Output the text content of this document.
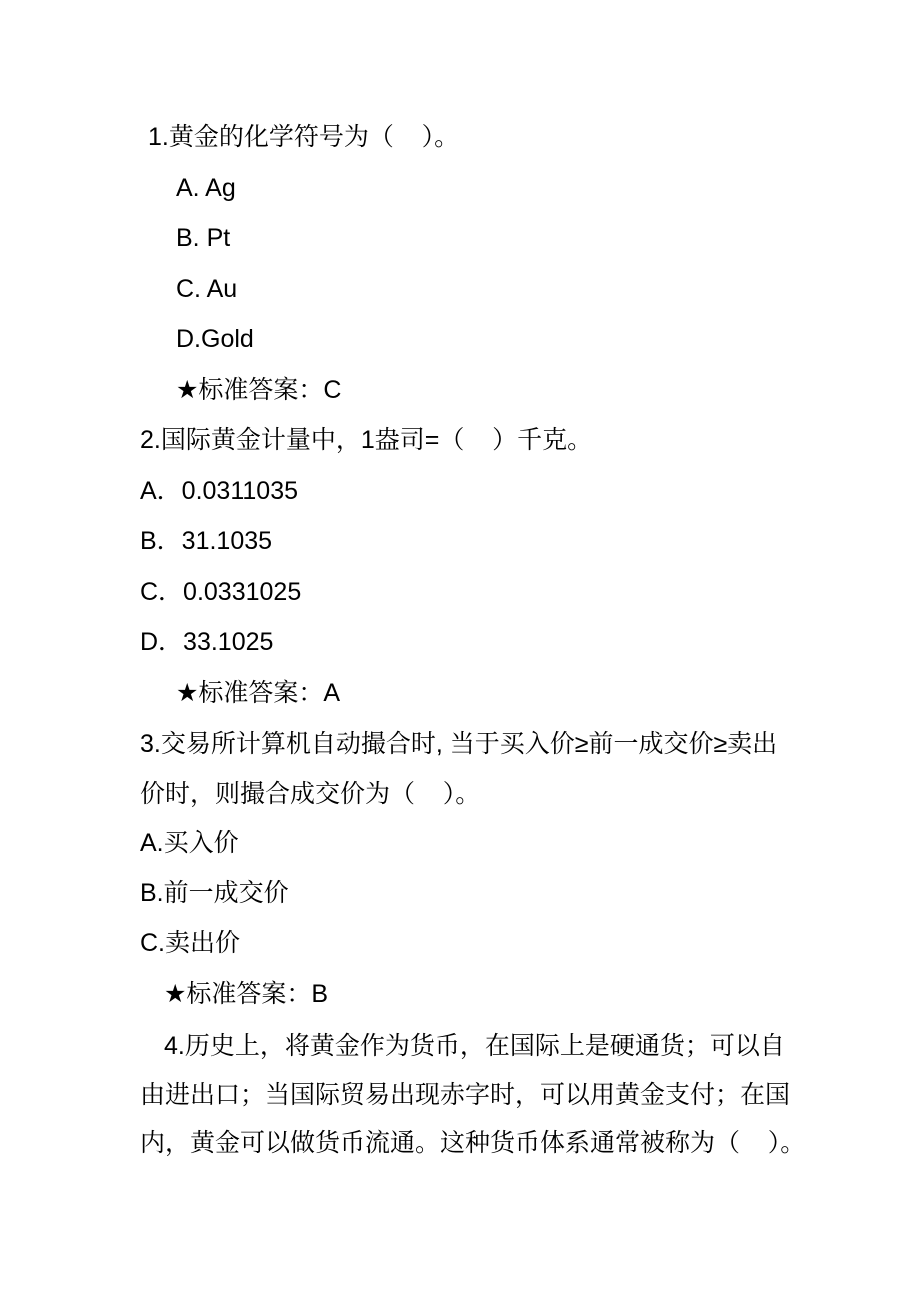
1.黄金的化学符号为（    ）。
A. Ag
B. Pt
C. Au
D.Gold
★标准答案：C
2.国际黄金计量中，1盎司=（    ）千克。
A．0.0311035
B．31.1035
C．0.0331025
D．33.1025
★标准答案：A
3.交易所计算机自动撮合时, 当于买入价≥前一成交价≥卖出
价时，则撮合成交价为（    ）。
A.买入价
B.前一成交价
C.卖出价
★标准答案：B
4.历史上，将黄金作为货币，在国际上是硬通货；可以自
由进出口；当国际贸易出现赤字时，可以用黄金支付；在国
内，黄金可以做货币流通。这种货币体系通常被称为（    ）。
